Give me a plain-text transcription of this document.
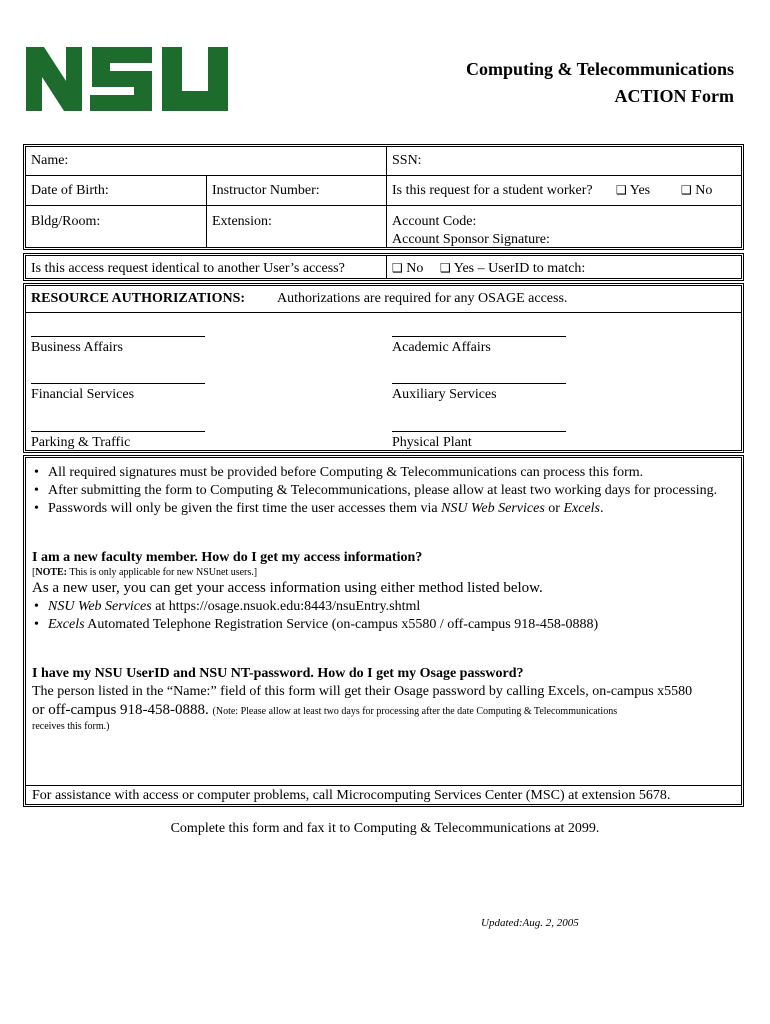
Computing & Telecommunications
ACTION Form
Name:	SSN:
Date of Birth:	Instructor Number:	Is this request for a student worker? ❑ Yes	❑ No
Bldg/Room:	Extension:	Account Code:
Account Sponsor Signature:
Is this access request identical to another User’s access?	❑ No ❑ Yes – UserID to match:
RESOURCE AUTHORIZATIONS: Authorizations are required for any OSAGE access.
Business Affairs	Academic Affairs
Financial Services	Auxiliary Services
Parking & Traffic	Physical Plant
• All required signatures must be provided before Computing & Telecommunications can process this form.
• After submitting the form to Computing & Telecommunications, please allow at least two working days for processing.
• Passwords will only be given the first time the user accesses them via NSU Web Services or Excels.
I am a new faculty member. How do I get my access information?
[NOTE: This is only applicable for new NSUnet users.]
As a new user, you can get your access information using either method listed below.
• NSU Web Services at https://osage.nsuok.edu:8443/nsuEntry.shtml
• Excels Automated Telephone Registration Service (on-campus x5580 / off-campus 918-458-0888)
I have my NSU UserID and NSU NT-password. How do I get my Osage password?
The person listed in the “Name:” field of this form will get their Osage password by calling Excels, on-campus x5580
or off-campus 918-458-0888. (Note: Please allow at least two days for processing after the date Computing & Telecommunications
receives this form.)
For assistance with access or computer problems, call Microcomputing Services Center (MSC) at extension 5678.
Complete this form and fax it to Computing & Telecommunications at 2099.
Updated:Aug. 2, 2005
